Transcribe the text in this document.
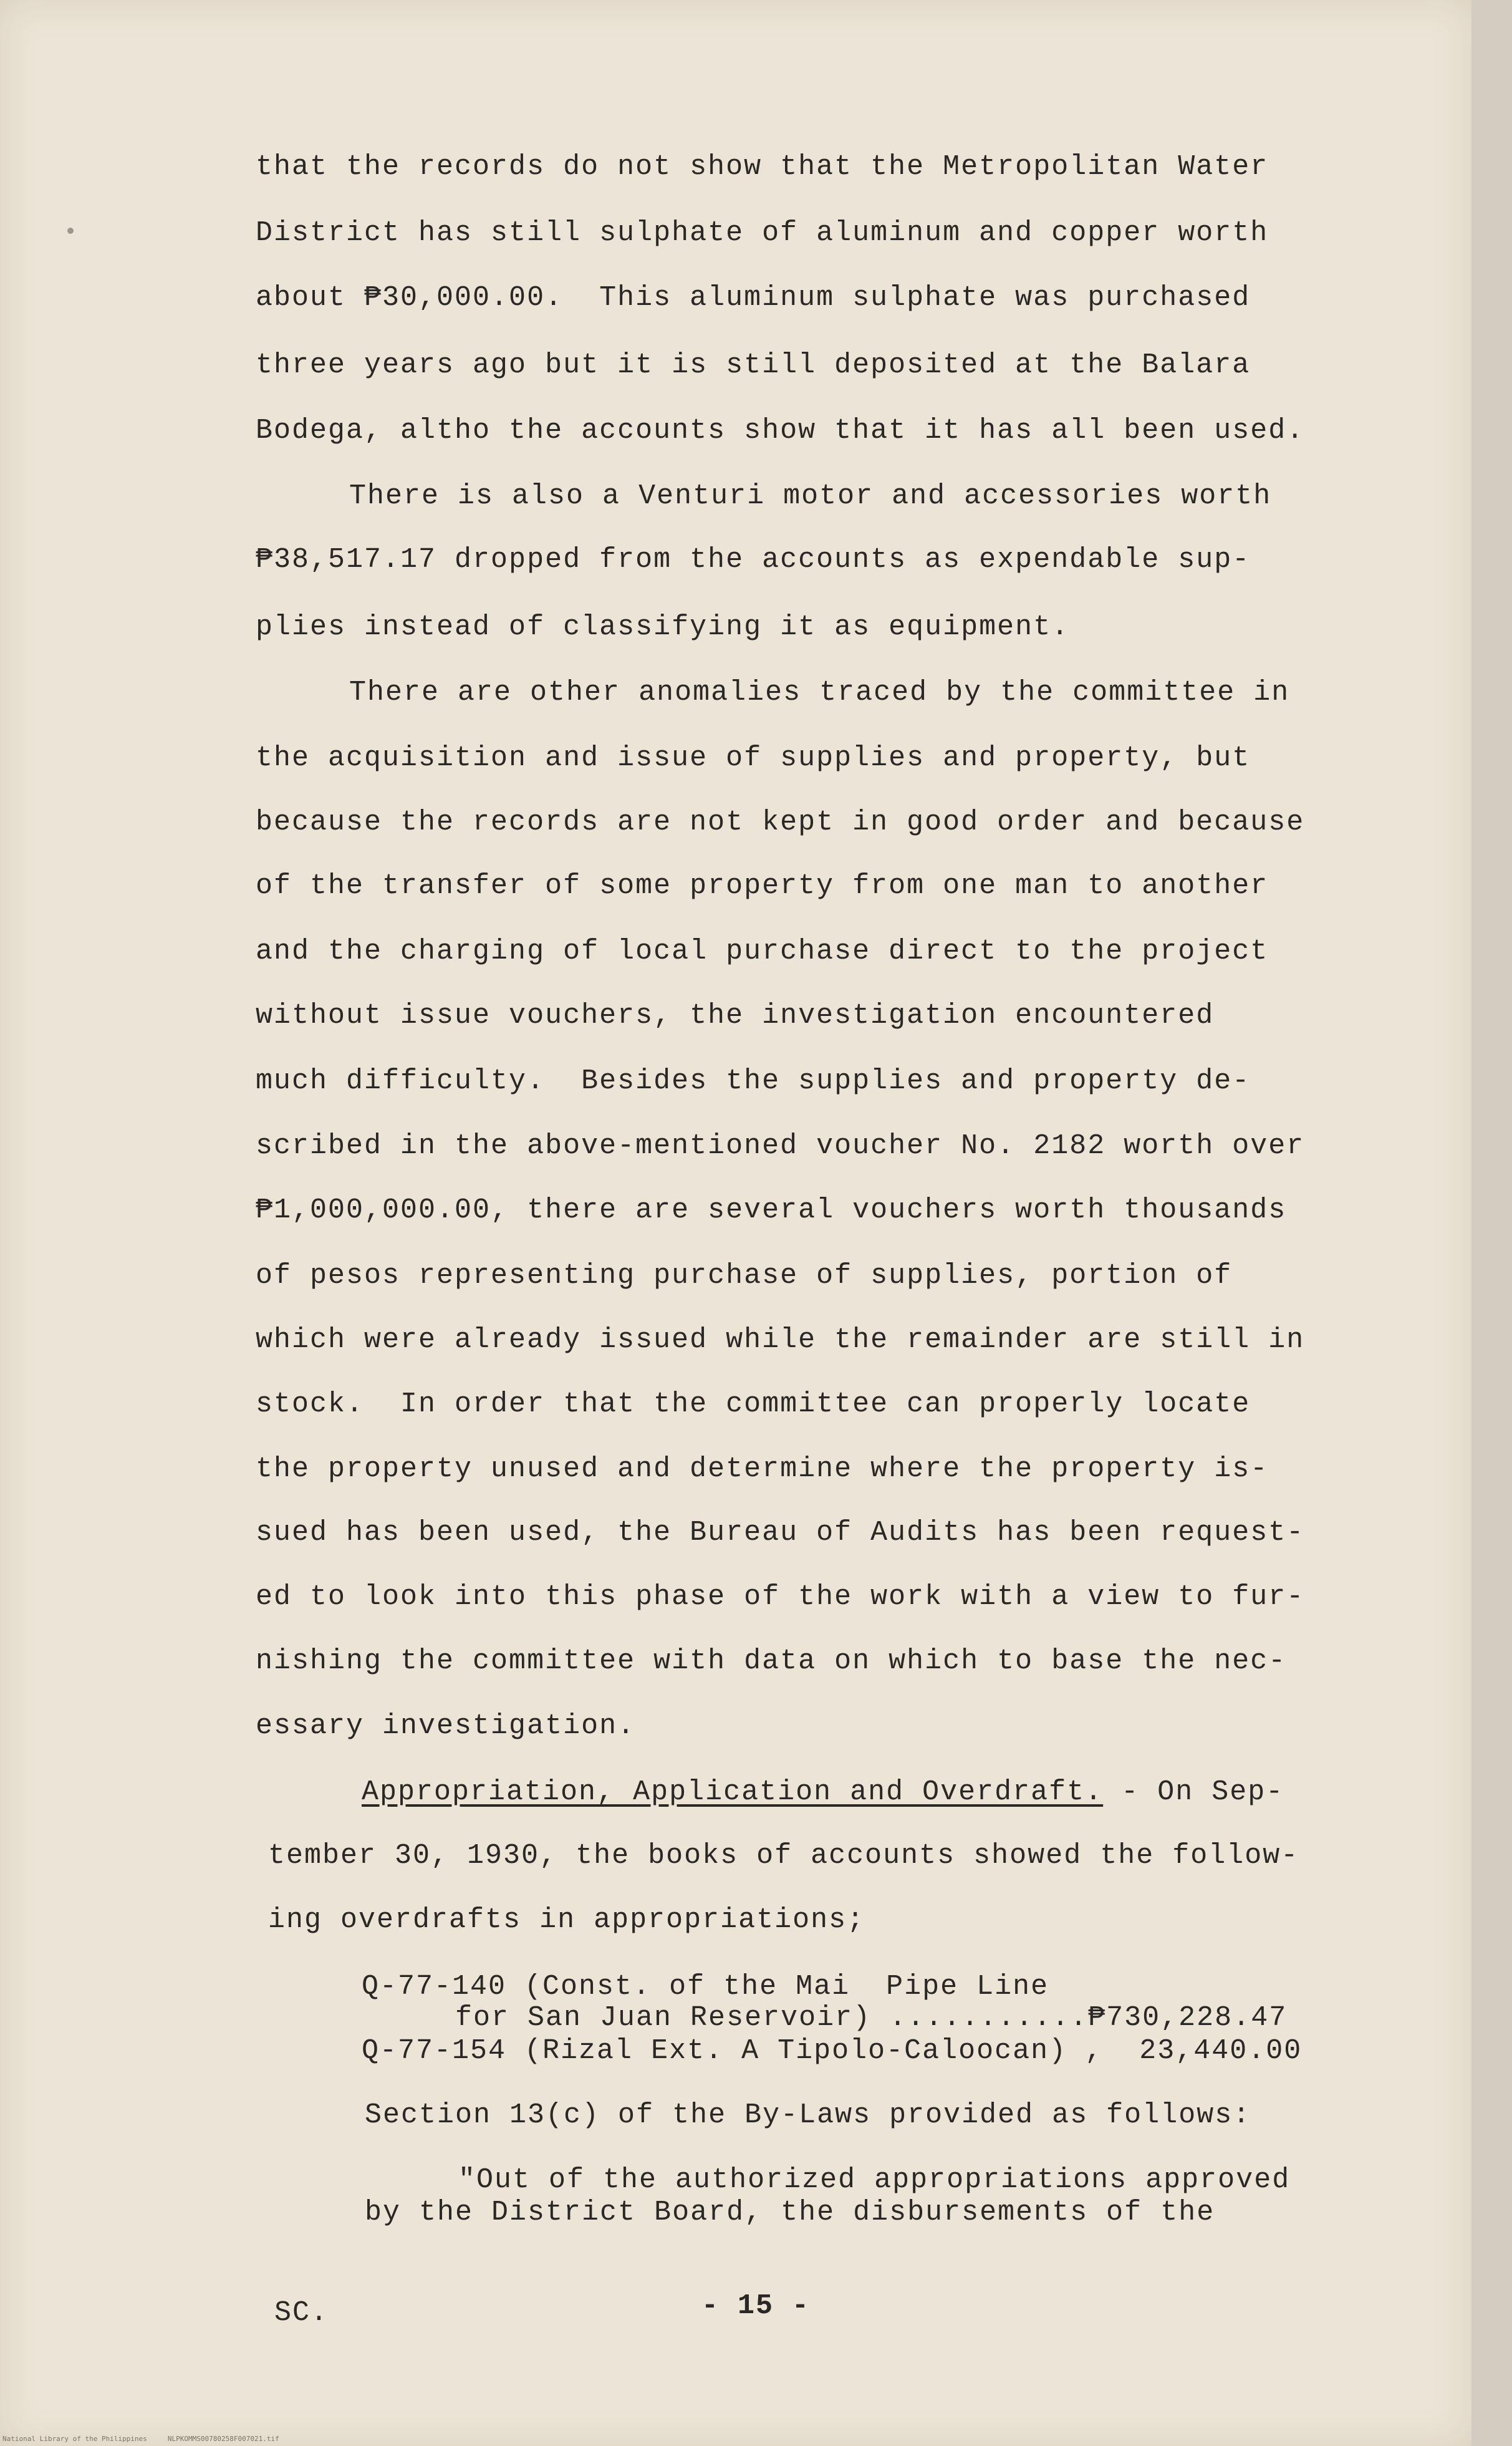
that the records do not show that the Metropolitan Water

District has still sulphate of aluminum and copper worth

about ₱30,000.00.  This aluminum sulphate was purchased

three years ago but it is still deposited at the Balara

Bodega, altho the accounts show that it has all been used.

There is also a Venturi motor and accessories worth

₱38,517.17 dropped from the accounts as expendable sup-

plies instead of classifying it as equipment.

There are other anomalies traced by the committee in

the acquisition and issue of supplies and property, but

because the records are not kept in good order and because

of the transfer of some property from one man to another

and the charging of local purchase direct to the project

without issue vouchers, the investigation encountered

much difficulty.  Besides the supplies and property de-

scribed in the above-mentioned voucher No. 2182 worth over

₱1,000,000.00, there are several vouchers worth thousands

of pesos representing purchase of supplies, portion of

which were already issued while the remainder are still in

stock.  In order that the committee can properly locate

the property unused and determine where the property is-

sued has been used, the Bureau of Audits has been request-

ed to look into this phase of the work with a view to fur-

nishing the committee with data on which to base the nec-

essary investigation.

Appropriation, Application and Overdraft. - On Sep-

tember 30, 1930, the books of accounts showed the follow-

ing overdrafts in appropriations;

Q-77-140 (Const. of the Mai  Pipe Line

for San Juan Reservoir) ...........₱730,228.47

Q-77-154 (Rizal Ext. A Tipolo-Caloocan) ,  23,440.00

Section 13(c) of the By-Laws provided as follows:

"Out of the authorized appropriations approved

by the District Board, the disbursements of the

SC.	- 15 -

National Library of the Philippines     NLPKOMMS00780258F007021.tif
